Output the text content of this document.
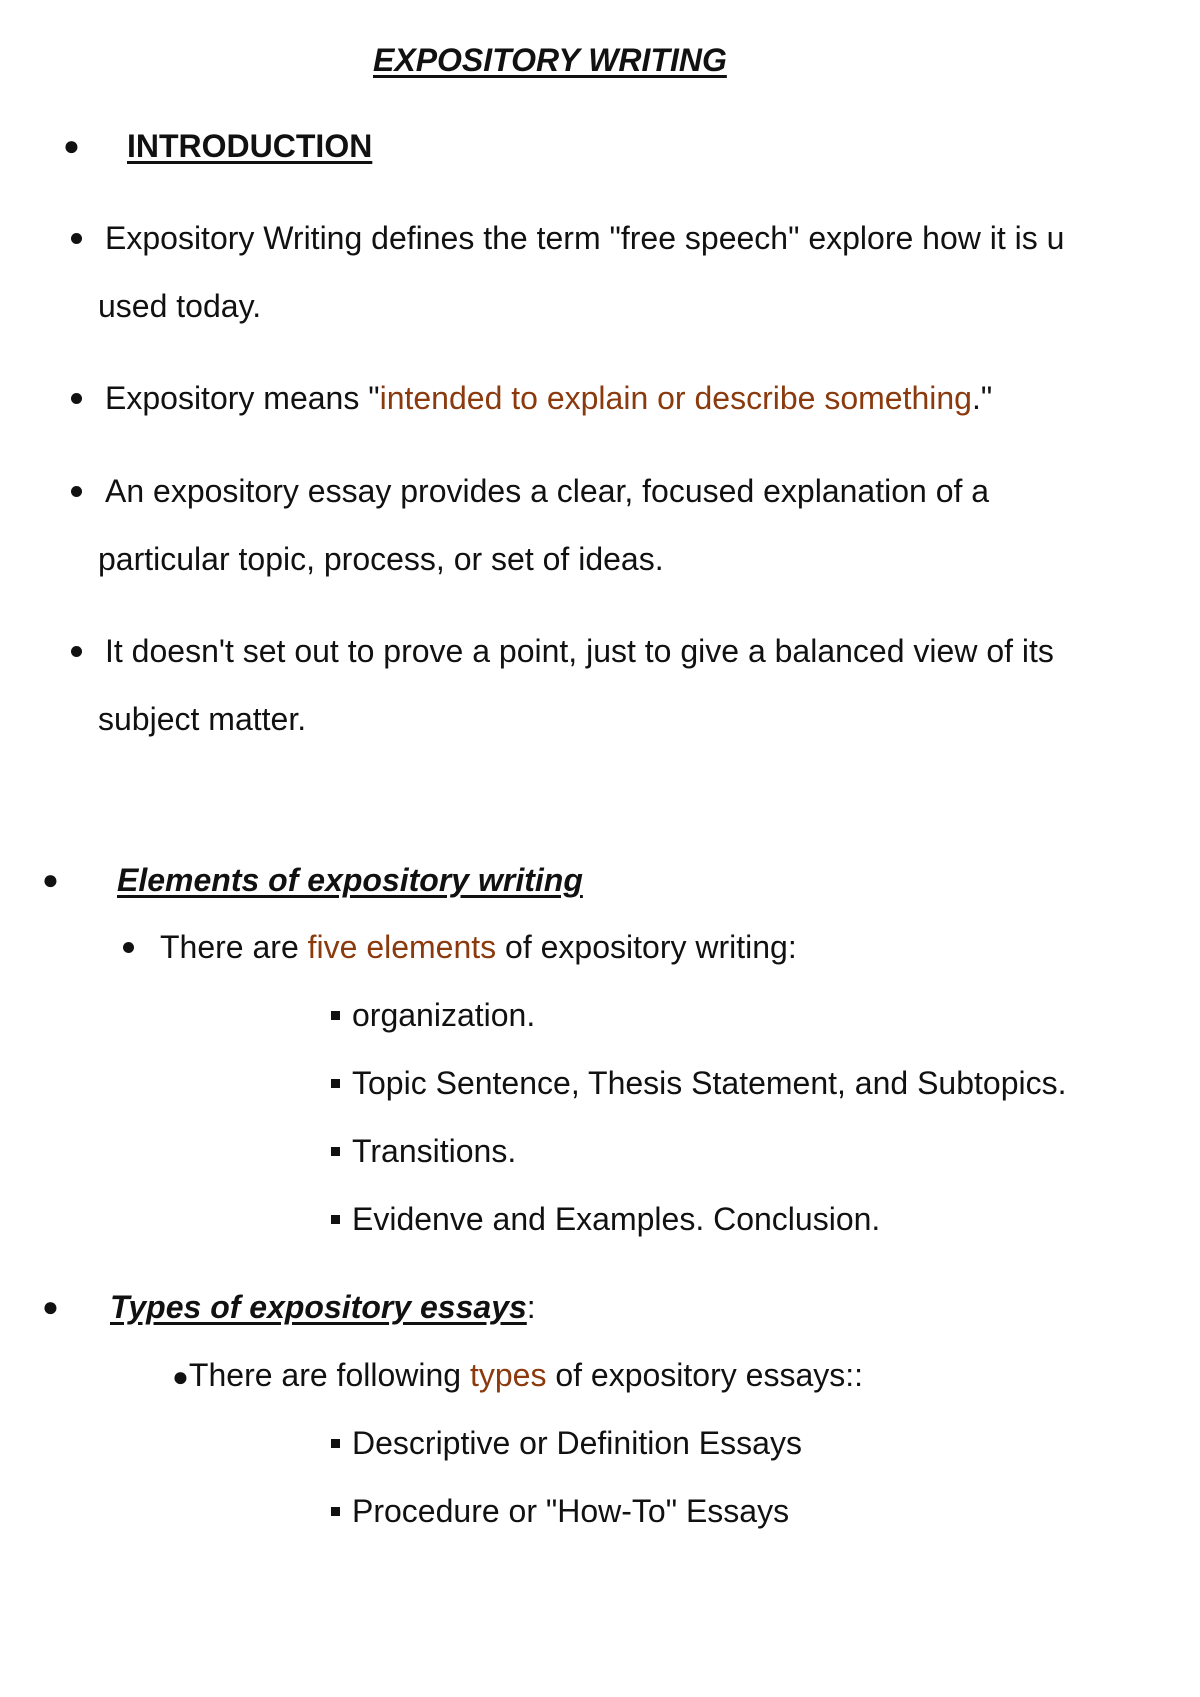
EXPOSITORY WRITING
● INTRODUCTION
Expository Writing defines the term "free speech" explore how it is u
used today.
Expository means "intended to explain or describe something."
An expository essay provides a clear, focused explanation of a
particular topic, process, or set of ideas.
It doesn't set out to prove a point, just to give a balanced view of its
subject matter.
● Elements of expository writing
There are five elements of expository writing:
organization.
Topic Sentence, Thesis Statement, and Subtopics.
Transitions.
Evidenve and Examples. Conclusion.
● Types of expository essays:
●There are following types of expository essays::
Descriptive or Definition Essays
Procedure or "How-To" Essays
